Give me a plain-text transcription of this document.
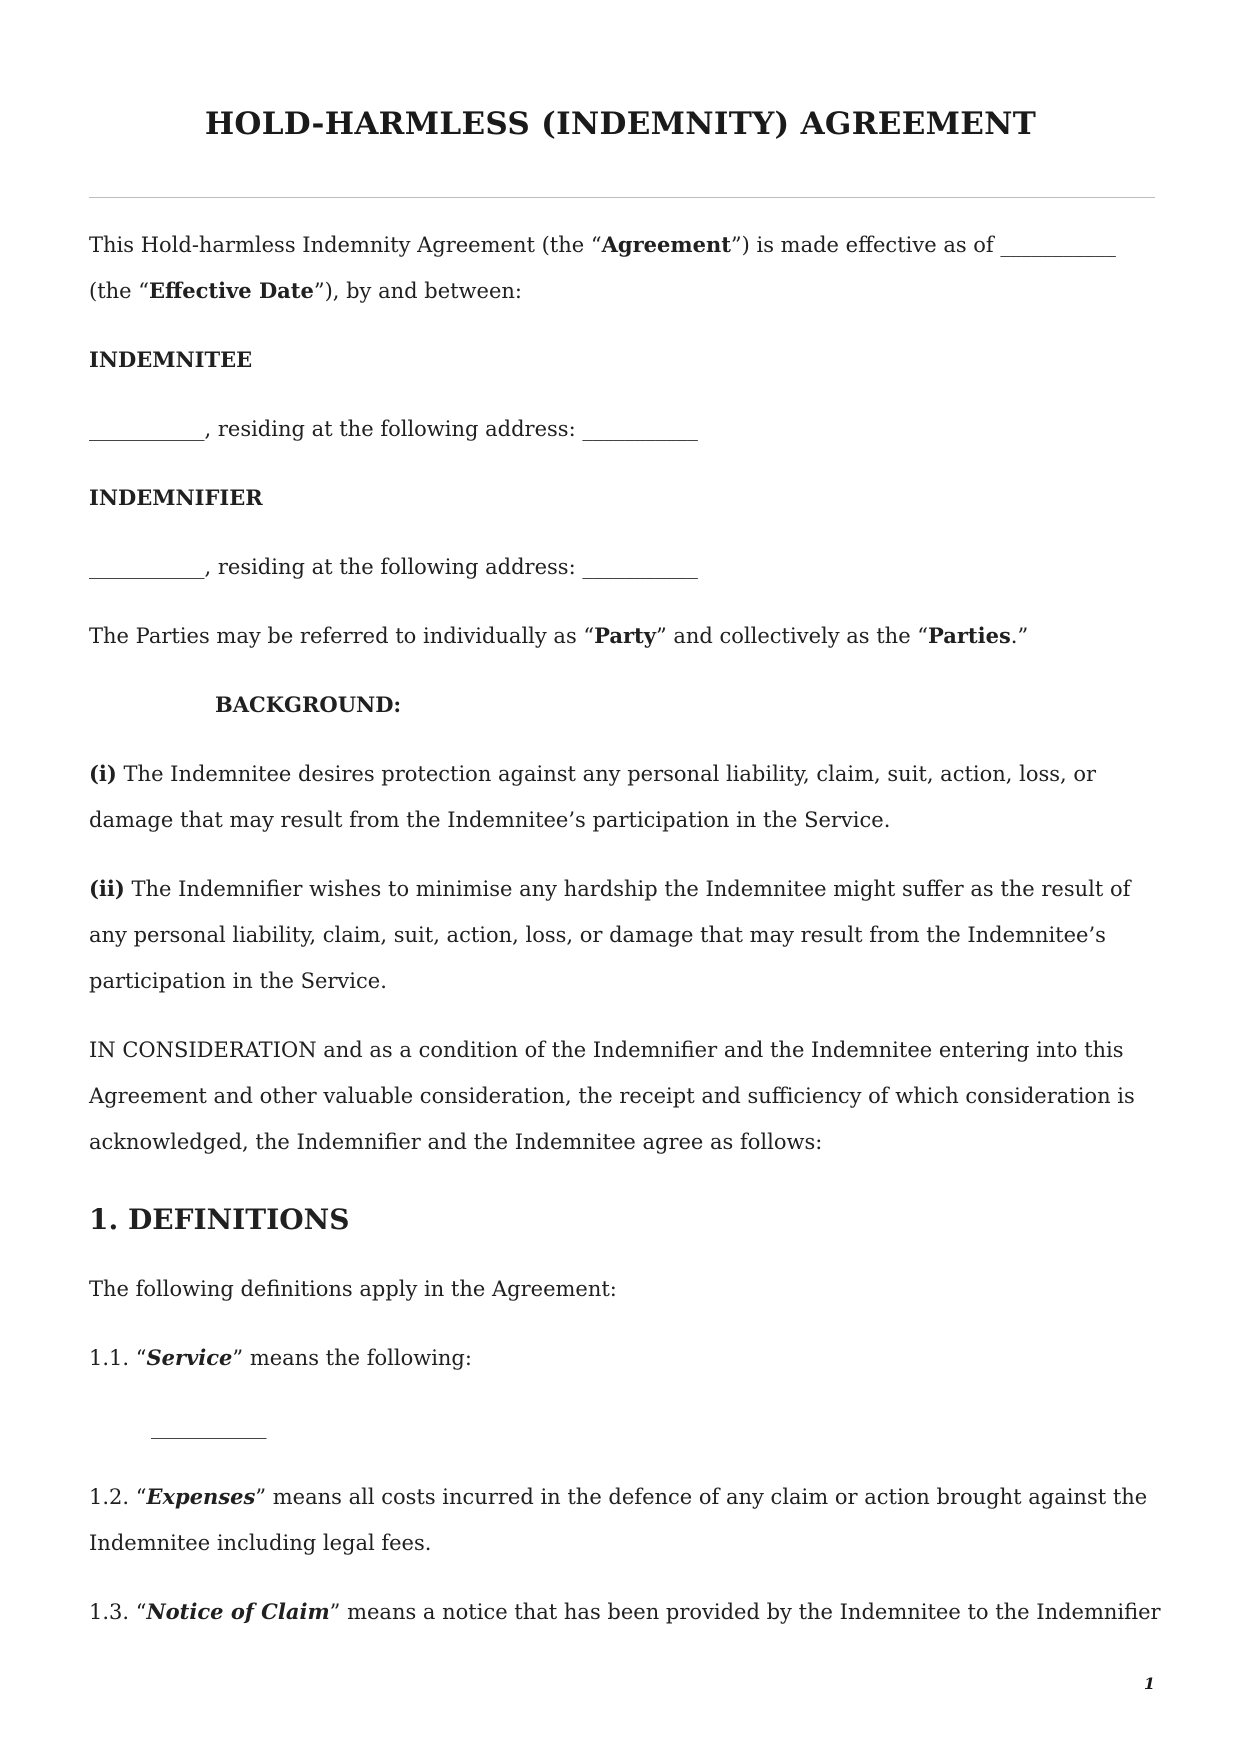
HOLD-HARMLESS (INDEMNITY) AGREEMENT

This Hold-harmless Indemnity Agreement (the “Agreement”) is made effective as of ___________
(the “Effective Date”), by and between:

INDEMNITEE

___________, residing at the following address: ___________

INDEMNIFIER

___________, residing at the following address: ___________

The Parties may be referred to individually as “Party” and collectively as the “Parties.”

BACKGROUND:

(i) The Indemnitee desires protection against any personal liability, claim, suit, action, loss, or damage that may result from the Indemnitee’s participation in the Service.

(ii) The Indemnifier wishes to minimise any hardship the Indemnitee might suffer as the result of any personal liability, claim, suit, action, loss, or damage that may result from the Indemnitee’s participation in the Service.

IN CONSIDERATION and as a condition of the Indemnifier and the Indemnitee entering into this Agreement and other valuable consideration, the receipt and sufficiency of which consideration is acknowledged, the Indemnifier and the Indemnitee agree as follows:

1. DEFINITIONS

The following definitions apply in the Agreement:

1.1. “Service” means the following:

___________

1.2. “Expenses” means all costs incurred in the defence of any claim or action brought against the Indemnitee including legal fees.

1.3. “Notice of Claim” means a notice that has been provided by the Indemnitee to the Indemnifier

1
